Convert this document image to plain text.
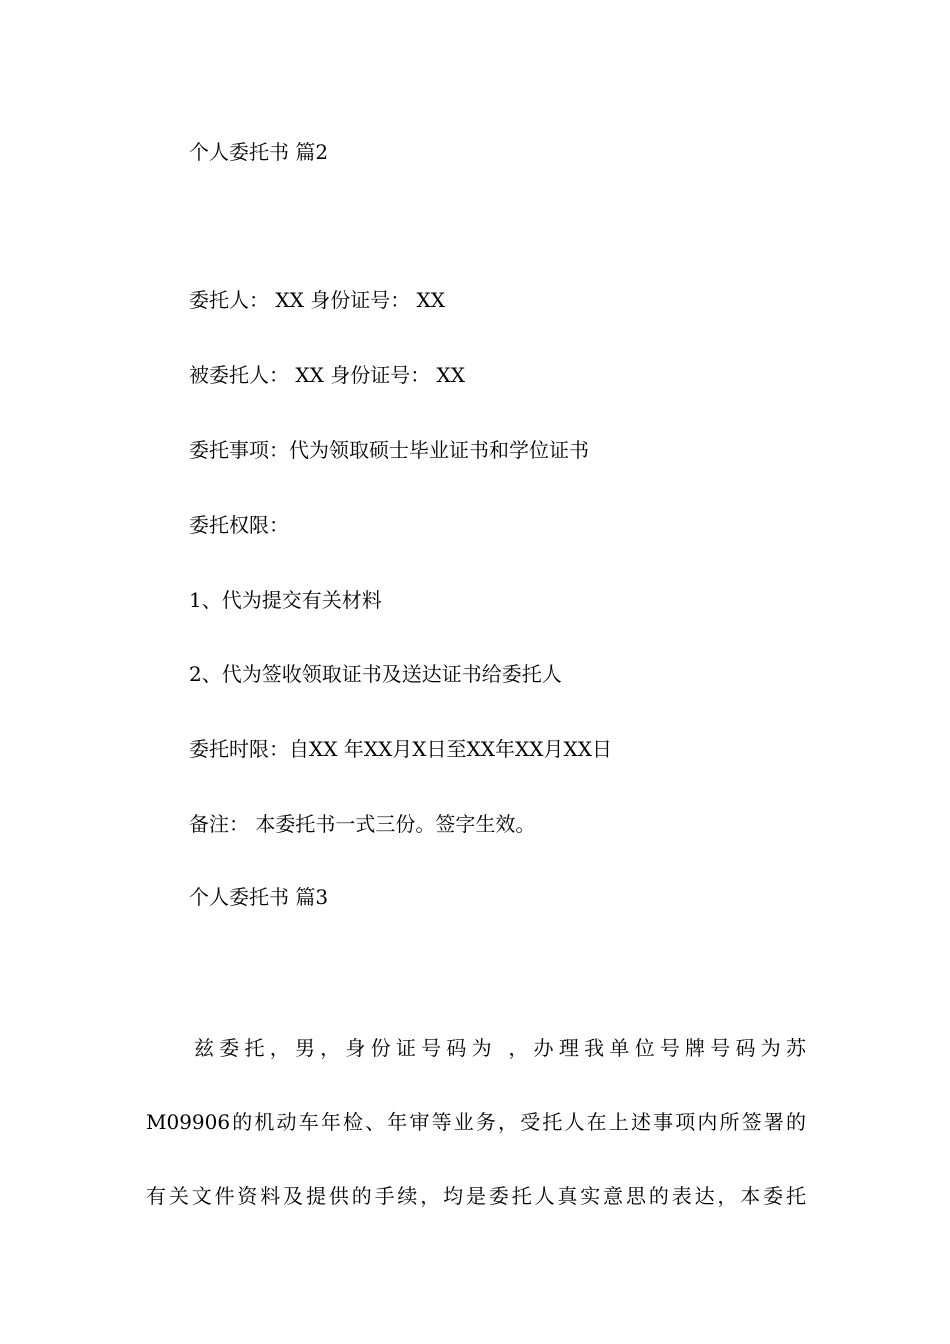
个人委托书 篇2
委托人： XX 身份证号： XX
被委托人： XX 身份证号： XX
委托事项：代为领取硕士毕业证书和学位证书
委托权限：
1、代为提交有关材料
2、代为签收领取证书及送达证书给委托人
委托时限：自XX 年XX月X日至XX年XX月XX日
备注： 本委托书一式三份。签字生效。
个人委托书 篇3
兹委托，男，身份证号码为 ，办理我单位号牌号码为苏
M09906的机动车年检、年审等业务，受托人在上述事项内所签署的
有关文件资料及提供的手续，均是委托人真实意思的表达，本委托
